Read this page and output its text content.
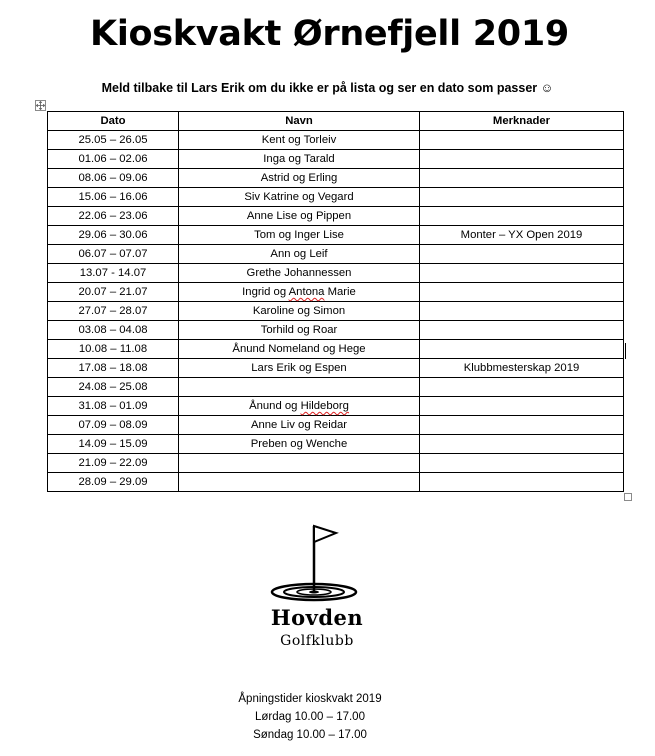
Kioskvakt Ørnefjell 2019
Meld tilbake til Lars Erik om du ikke er på lista og ser en dato som passer ☺
Dato	Navn	Merknader
25.05 – 26.05	Kent og Torleiv	
01.06 – 02.06	Inga og Tarald	
08.06 – 09.06	Astrid og Erling	
15.06 – 16.06	Siv Katrine og Vegard	
22.06 – 23.06	Anne Lise og Pippen	
29.06 – 30.06	Tom og Inger Lise	Monter – YX Open 2019
06.07 – 07.07	Ann og Leif	
13.07 - 14.07	Grethe Johannessen	
20.07 – 21.07	Ingrid og Antona Marie	
27.07 – 28.07	Karoline og Simon	
03.08 – 04.08	Torhild og Roar	
10.08 – 11.08	Ånund Nomeland og Hege	
17.08 – 18.08	Lars Erik og Espen	Klubbmesterskap 2019
24.08 – 25.08		
31.08 – 01.09	Ånund og Hildeborg	
07.09 – 08.09	Anne Liv og Reidar	
14.09 – 15.09	Preben og Wenche	
21.09 – 22.09		
28.09 – 29.09		
Hovden
Golfklubb
Åpningstider kioskvakt 2019
Lørdag 10.00 – 17.00
Søndag 10.00 – 17.00
